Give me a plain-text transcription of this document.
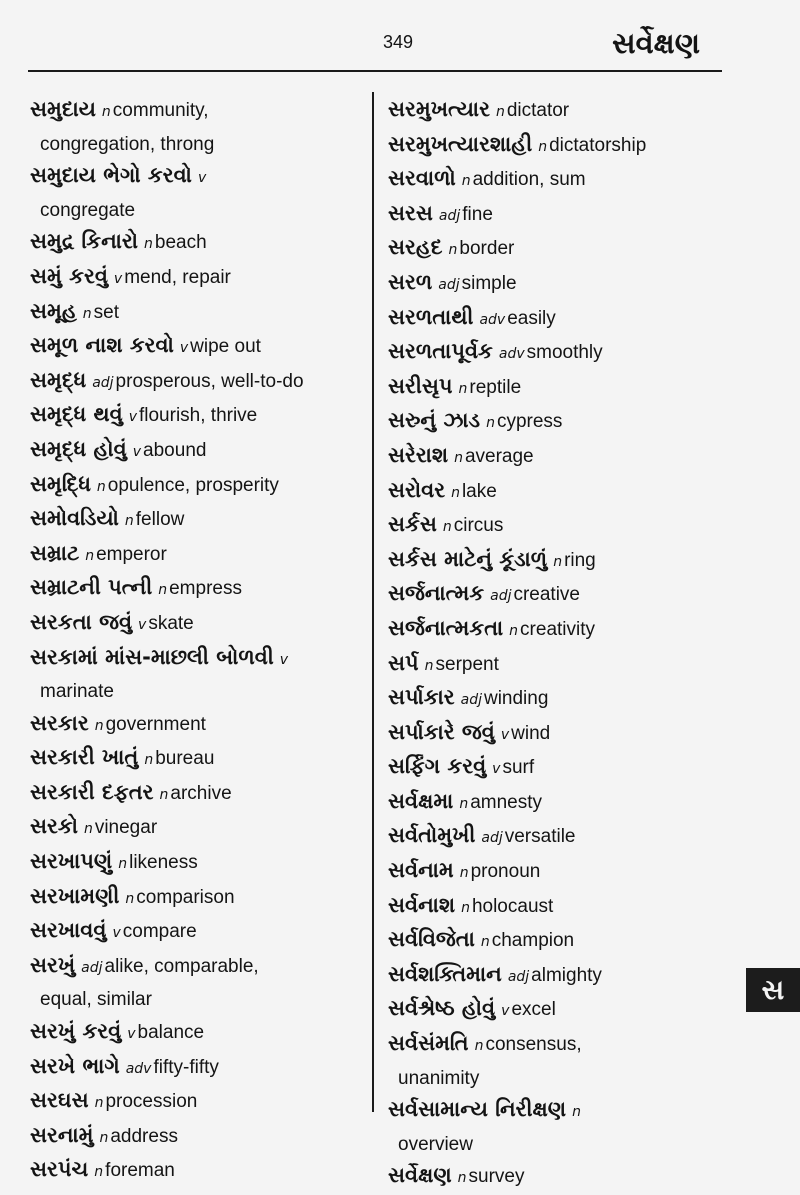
349	સર્વેક્ષણ
સમુદાય n community,
congregation, throng
સમુદાય ભેગો કરવો v
congregate
સમુદ્ર કિનારો n beach
સમું કરવું v mend, repair
સમૂહ n set
સમૂળ નાશ કરવો v wipe out
સમૃદ્ધ adj prosperous, well-to-do
સમૃદ્ધ થવું v flourish, thrive
સમૃદ્ધ હોવું v abound
સમૃદ્ધિ n opulence, prosperity
સમોવડિયો n fellow
સમ્રાટ n emperor
સમ્રાટની પત્ની n empress
સરકતા જવું v skate
સરકામાં માંસ-માછલી બોળવી v
marinate
સરકાર n government
સરકારી ખાતું n bureau
સરકારી દફતર n archive
સરકો n vinegar
સરખાપણું n likeness
સરખામણી n comparison
સરખાવવું v compare
સરખું adj alike, comparable,
equal, similar
સરખું કરવું v balance
સરખે ભાગે adv fifty-fifty
સરઘસ n procession
સરનામું n address
સરપંચ n foreman
સરમુખત્યાર n dictator
સરમુખત્યારશાહી n dictatorship
સરવાળો n addition, sum
સરસ adj fine
સરહદ n border
સરળ adj simple
સરળતાથી adv easily
સરળતાપૂર્વક adv smoothly
સરીસૃપ n reptile
સરુનું ઝાડ n cypress
સરેરાશ n average
સરોવર n lake
સર્કસ n circus
સર્કસ માટેનું કૂંડાળું n ring
સર્જનાત્મક adj creative
સર્જનાત્મકતા n creativity
સર્પ n serpent
સર્પાકાર adj winding
સર્પાકારે જવું v wind
સર્ફિંગ કરવું v surf
સર્વક્ષમા n amnesty
સર્વતોમુખી adj versatile
સર્વનામ n pronoun
સર્વનાશ n holocaust
સર્વવિજેતા n champion
સર્વશક્તિમાન adj almighty
સર્વશ્રેષ્ઠ હોવું v excel
સર્વસંમતિ n consensus,
unanimity
સર્વસામાન્ય નિરીક્ષણ n
overview
સર્વેક્ષણ n survey
સ
